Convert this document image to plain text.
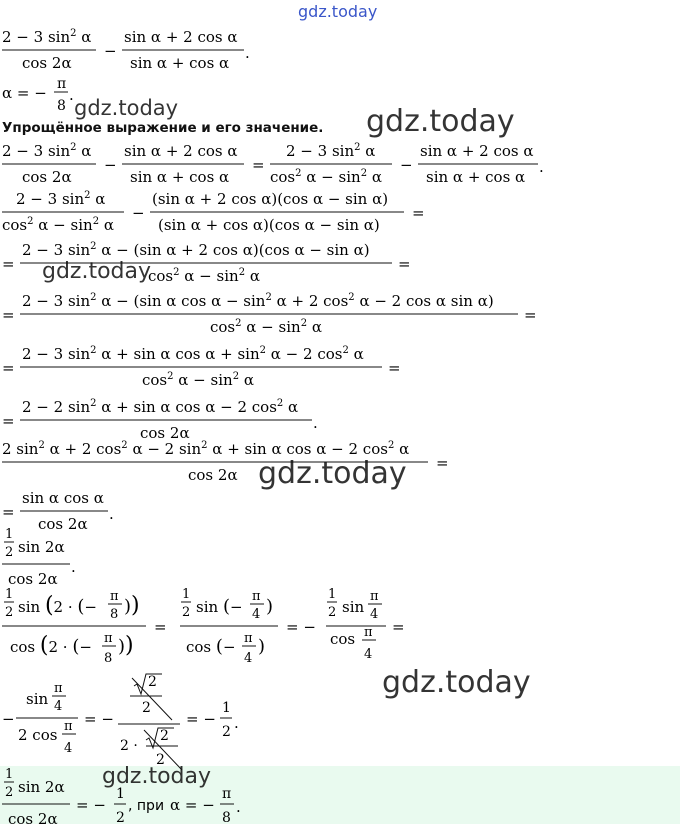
gdz.today
gdz.today	gdz.today
gdz.today
gdz.today
gdz.today
gdz.today
2 − 3 $\sin^2 \alpha$
cos 2α
−
sin α + 2 cos α
sin α + cos α
.
α = − π
8
.
Упрощённое выражение и его значение.
2 − 3 $\sin^2 \alpha$
cos 2α
−
sin α + 2 cos α
sin α + cos α
=
2 − 3 $\sin^2 \alpha$
$\cos^2 \alpha - \sin^2 \alpha$
−
sin α + 2 cos α
sin α + cos α
.
2 − 3 $\sin^2 \alpha$
$\cos^2 \alpha - \sin^2 \alpha$
−
(sin α + 2 cos α)(cos α − sin α)
(sin α + cos α)(cos α − sin α)
=
=
2 − 3 $\sin^2 \alpha - (\sin$ α + 2 cos α)(cos α − sin α)
$\cos^2 \alpha - \sin^2 \alpha$
=
=
2 − 3 $\sin^2 \alpha - (\sin$ α $\cos \alpha - \sin^2 \alpha + 2$ $\cos^2 \alpha - 2$ cos α sin α)
$\cos^2 \alpha - \sin^2 \alpha$
=
=
2 − 3 $\sin^2 \alpha + \sin \alpha$ $\cos \alpha + \sin^2 \alpha - 2$ $\cos^2 \alpha$
$\cos^2 \alpha - \sin^2 \alpha$
=
=
2 − 2 $\sin^2 \alpha + \sin \alpha$ cos α − 2 $\cos^2 \alpha$
cos 2α
.
2 $\sin^2 \alpha + 2$ $\cos^2 \alpha - 2$ $\sin^2 \alpha + \sin \alpha$ cos α − 2 $\cos^2 \alpha$
cos 2α
=
=
sin α cos α
cos 2α
.
1
2 sin 2α
cos 2α
.
1
2 sin (2 · (−
π
8 ))
cos (2 · (− π
8
))
=
1
2 sin (−
π
4 )
cos (− π
4
)
= −
1
2 sin
π
4
cos π
4
=
−
sin
π
4
2 cos π
4
= −
2
2
2 ·
2
2
= −
1
2 .
1
2 sin 2α
cos 2α
= −
1
2
, при α = −
π
8
.
